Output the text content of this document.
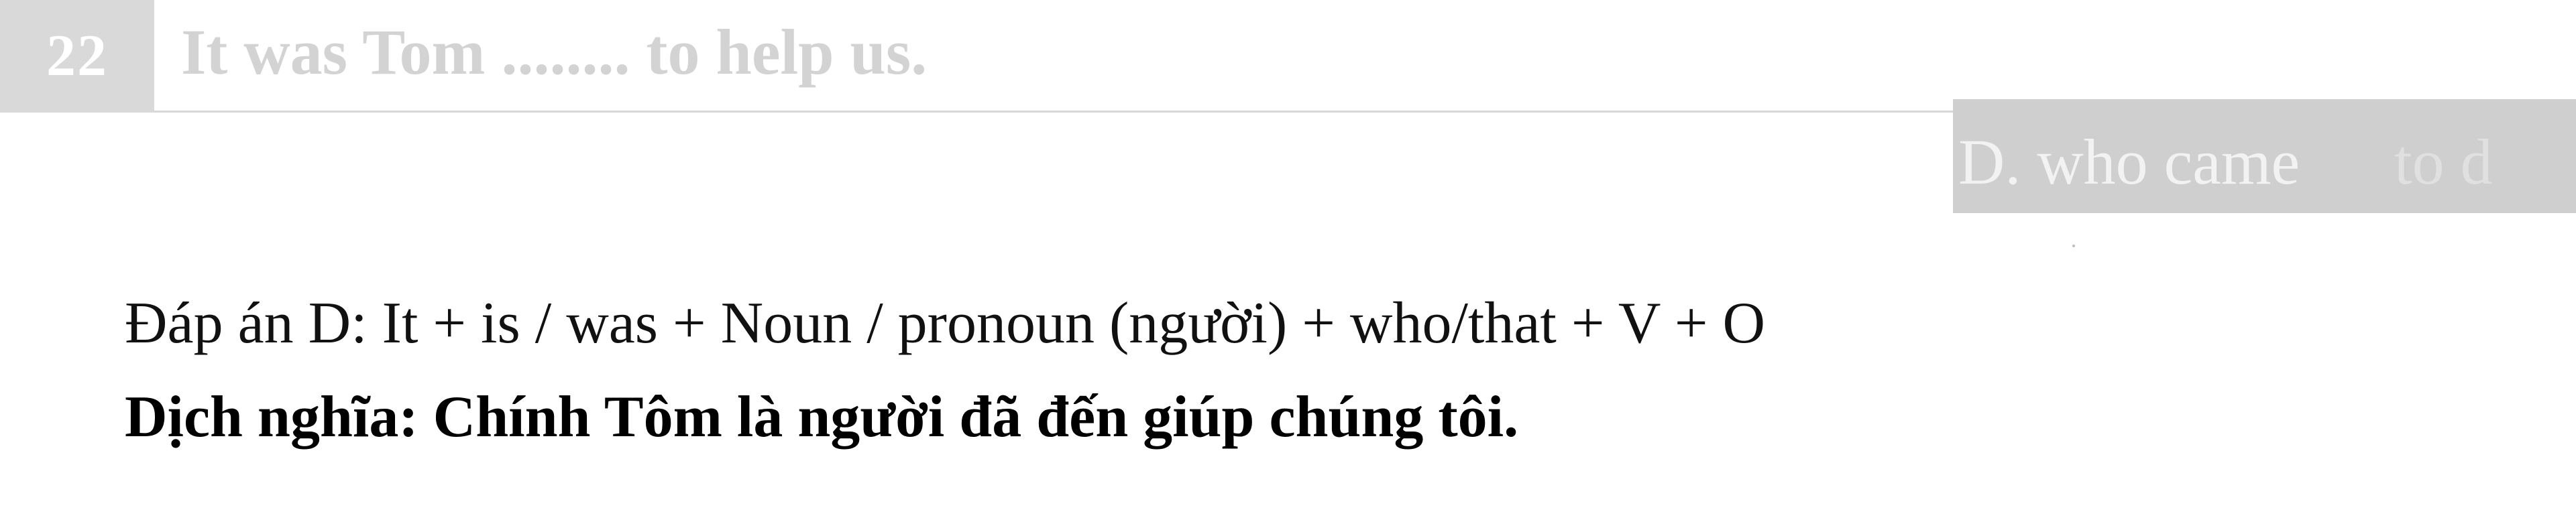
22	It was Tom ........ to help us.
D. who came to d
Đáp án D: It + is / was + Noun / pronoun (người) + who/that + V + O
Dịch nghĩa: Chính Tôm là người đã đến giúp chúng tôi.
